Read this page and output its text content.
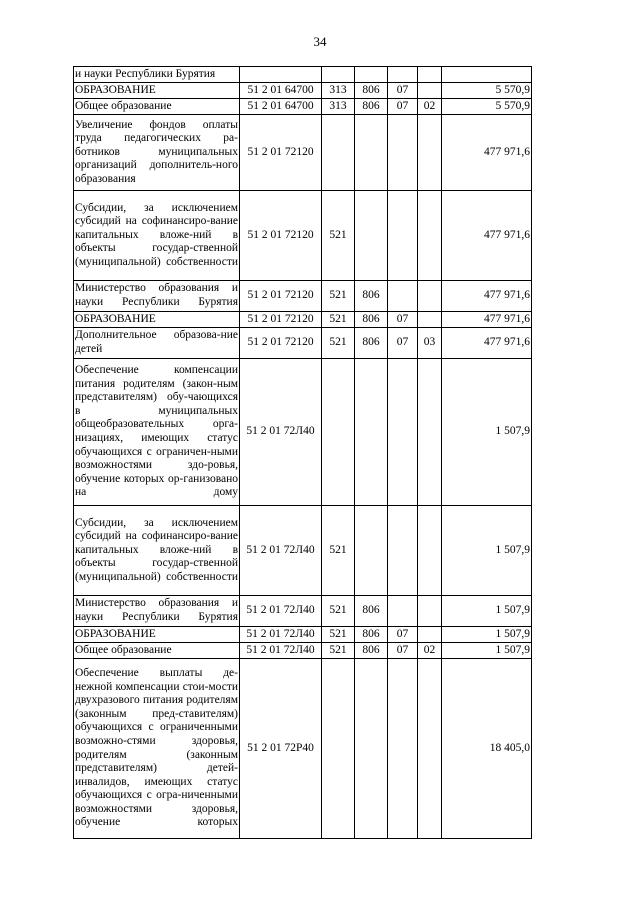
34
и науки Республики Бурятия						
ОБРАЗОВАНИЕ	51 2 01 64700	313	806	07		5 570,9
Общее образование	51 2 01 64700	313	806	07	02	5 570,9
Увеличение фондов оплаты труда педагогических ра-ботников муниципальных организаций дополнитель-ного образования	51 2 01 72120					477 971,6
Субсидии, за исключением субсидий на софинансиро-вание капитальных вложе-ний в объекты государ-ственной (муниципальной) собственности	51 2 01 72120	521				477 971,6
Министерство образования и науки Республики Бурятия	51 2 01 72120	521	806			477 971,6
ОБРАЗОВАНИЕ	51 2 01 72120	521	806	07		477 971,6
Дополнительное образова-ние детей	51 2 01 72120	521	806	07	03	477 971,6
Обеспечение компенсации питания родителям (закон-ным представителям) обу-чающихся в муниципальных общеобразовательных орга-низациях, имеющих статус обучающихся с ограничен-ными возможностями здо-ровья, обучение которых ор-ганизовано на дому	51 2 01 72Л40					1 507,9
Субсидии, за исключением субсидий на софинансиро-вание капитальных вложе-ний в объекты государ-ственной (муниципальной) собственности	51 2 01 72Л40	521				1 507,9
Министерство образования и науки Республики Бурятия	51 2 01 72Л40	521	806			1 507,9
ОБРАЗОВАНИЕ	51 2 01 72Л40	521	806	07		1 507,9
Общее образование	51 2 01 72Л40	521	806	07	02	1 507,9
Обеспечение выплаты де-нежной компенсации стои-мости двухразового питания родителям (законным пред-ставителям) обучающихся с ограниченными возможно-стями здоровья, родителям (законным представителям) детей-инвалидов, имеющих статус обучающихся с огра-ниченными возможностями здоровья, обучение которых	51 2 01 72Р40					18 405,0
